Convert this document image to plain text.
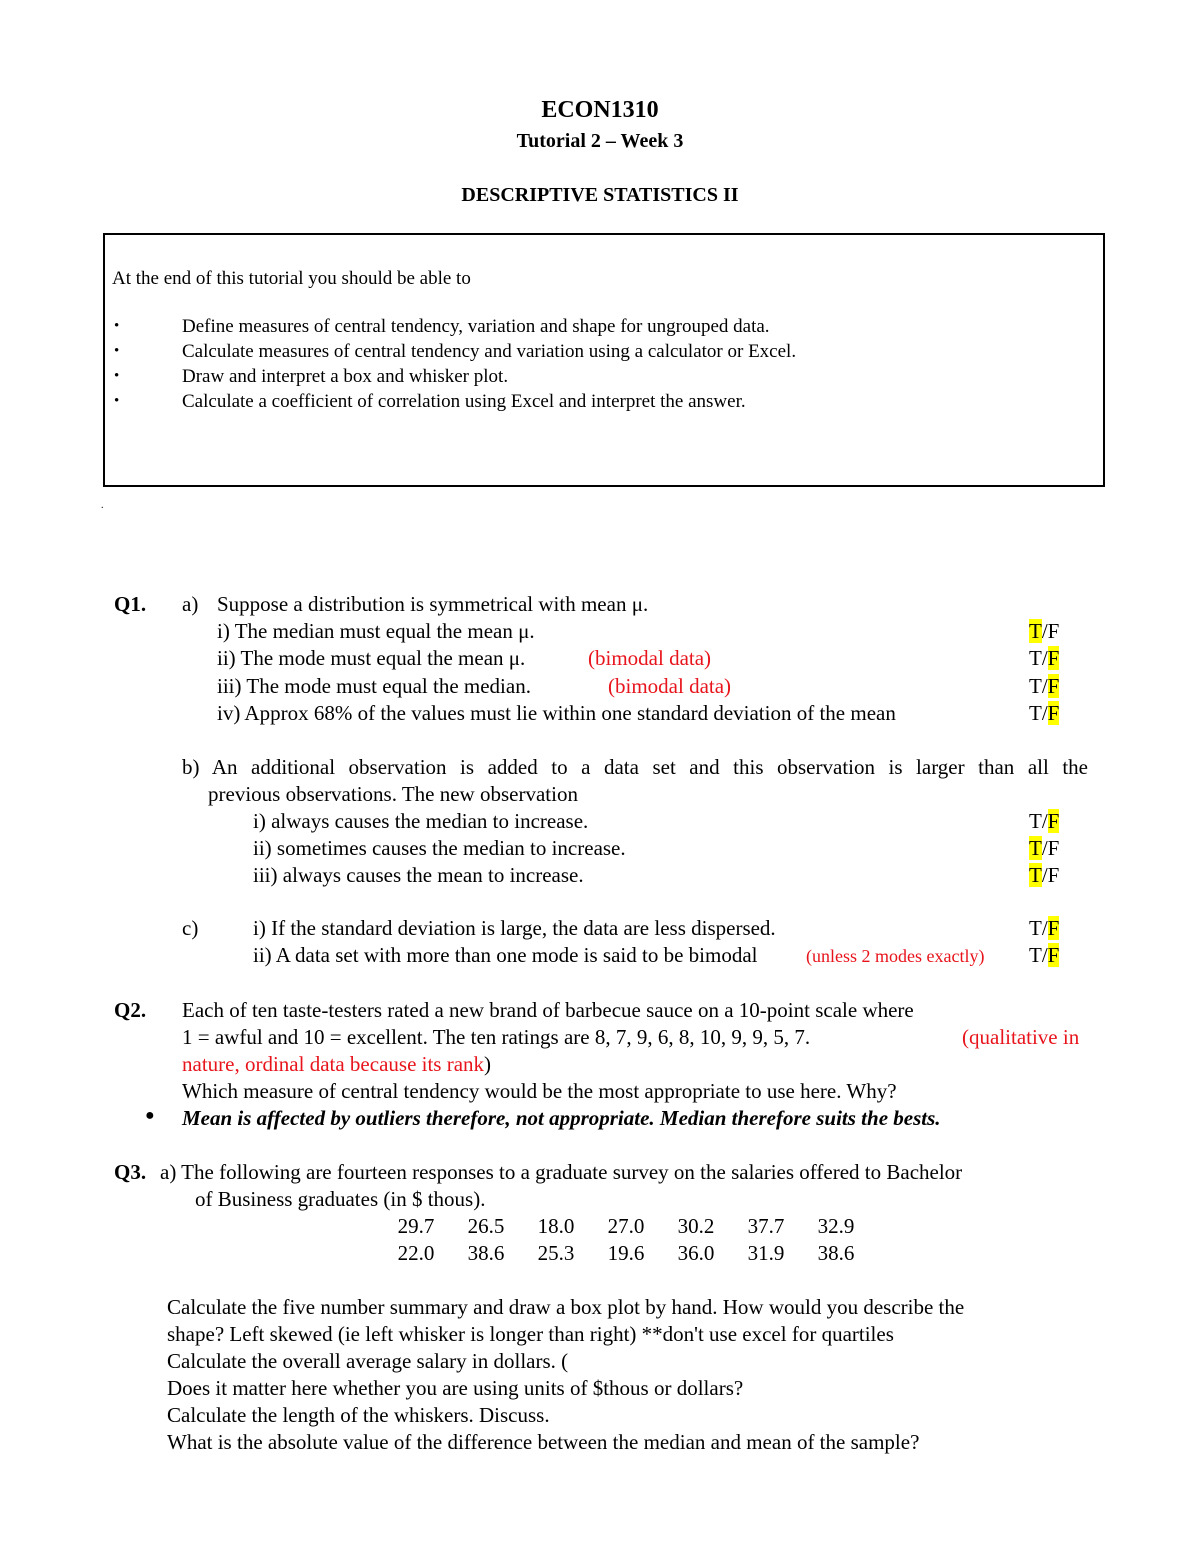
ECON1310
Tutorial 2 – Week 3
DESCRIPTIVE STATISTICS II
At the end of this tutorial you should be able to
•	Define measures of central tendency, variation and shape for ungrouped data.
•	Calculate measures of central tendency and variation using a calculator or Excel.
•	Draw and interpret a box and whisker plot.
•	Calculate a coefficient of correlation using Excel and interpret the answer.
.
Q1. a) Suppose a distribution is symmetrical with mean μ.
i) The median must equal the mean μ.	T/F
ii) The mode must equal the mean μ.	(bimodal data)	T/F
iii) The mode must equal the median.	(bimodal data)	T/F
iv) Approx 68% of the values must lie within one standard deviation of the mean	T/F
b) An additional observation is added to a data set and this observation is larger than all the
previous observations. The new observation
i) always causes the median to increase.	T/F
ii) sometimes causes the median to increase.	T/F
iii) always causes the mean to increase.	T/F
c)	i) If the standard deviation is large, the data are less dispersed.	T/F
ii) A data set with more than one mode is said to be bimodal	(unless 2 modes exactly) T/F
Q2. Each of ten taste-testers rated a new brand of barbecue sauce on a 10-point scale where
1 = awful and 10 = excellent. The ten ratings are 8, 7, 9, 6, 8, 10, 9, 9, 5, 7.	(qualitative in
nature, ordinal data because its rank)
Which measure of central tendency would be the most appropriate to use here. Why?
● Mean is affected by outliers therefore, not appropriate. Median therefore suits the bests.
Q3. a) The following are fourteen responses to a graduate survey on the salaries offered to Bachelor
of Business graduates (in $ thous).
29.7 26.5 18.0 27.0 30.2 37.7 32.9
22.0 38.6 25.3 19.6 36.0 31.9 38.6
Calculate the five number summary and draw a box plot by hand. How would you describe the
shape? Left skewed (ie left whisker is longer than right) **don't use excel for quartiles
Calculate the overall average salary in dollars. (
Does it matter here whether you are using units of $thous or dollars?
Calculate the length of the whiskers. Discuss.
What is the absolute value of the difference between the median and mean of the sample?
